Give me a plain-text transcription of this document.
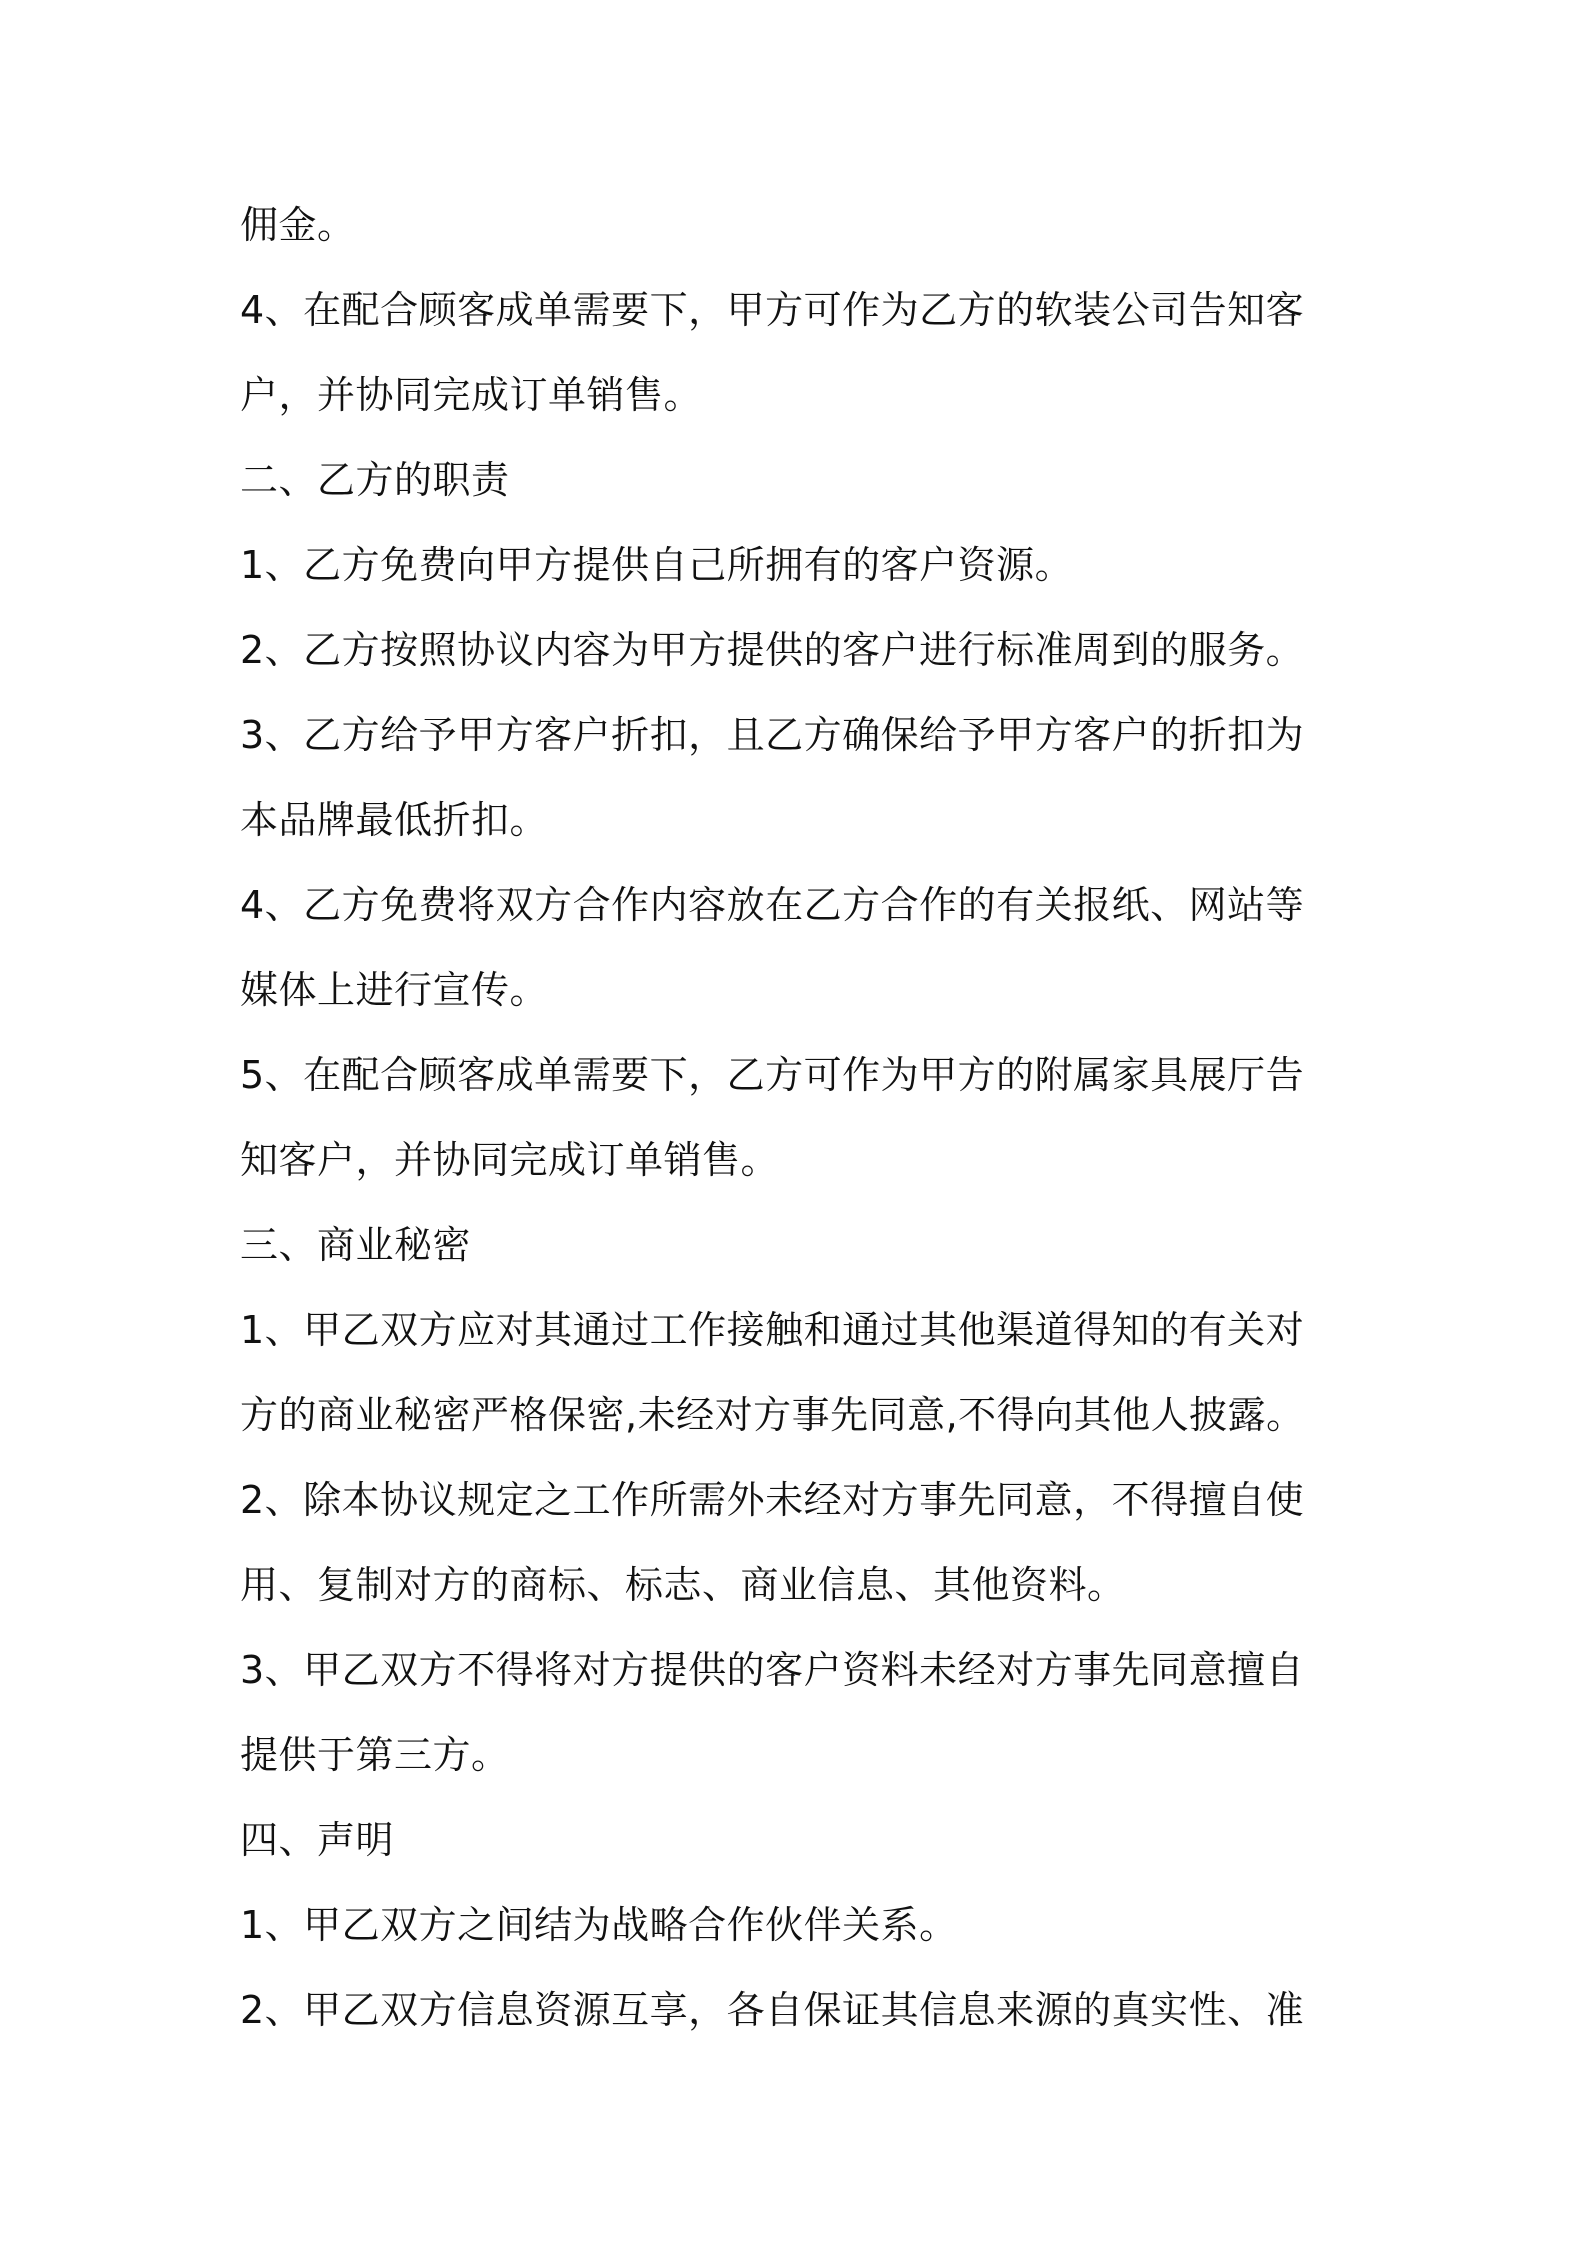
佣金。
4、在配合顾客成单需要下，甲方可作为乙方的软装公司告知客
户，并协同完成订单销售。
二、乙方的职责
1、乙方免费向甲方提供自己所拥有的客户资源。
2、乙方按照协议内容为甲方提供的客户进行标准周到的服务。
3、乙方给予甲方客户折扣，且乙方确保给予甲方客户的折扣为
本品牌最低折扣。
4、乙方免费将双方合作内容放在乙方合作的有关报纸、网站等
媒体上进行宣传。
5、在配合顾客成单需要下，乙方可作为甲方的附属家具展厅告
知客户，并协同完成订单销售。
三、商业秘密
1、甲乙双方应对其通过工作接触和通过其他渠道得知的有关对
方的商业秘密严格保密,未经对方事先同意,不得向其他人披露。
2、除本协议规定之工作所需外未经对方事先同意，不得擅自使
用、复制对方的商标、标志、商业信息、其他资料。
3、甲乙双方不得将对方提供的客户资料未经对方事先同意擅自
提供于第三方。
四、声明
1、甲乙双方之间结为战略合作伙伴关系。
2、甲乙双方信息资源互享，各自保证其信息来源的真实性、准
